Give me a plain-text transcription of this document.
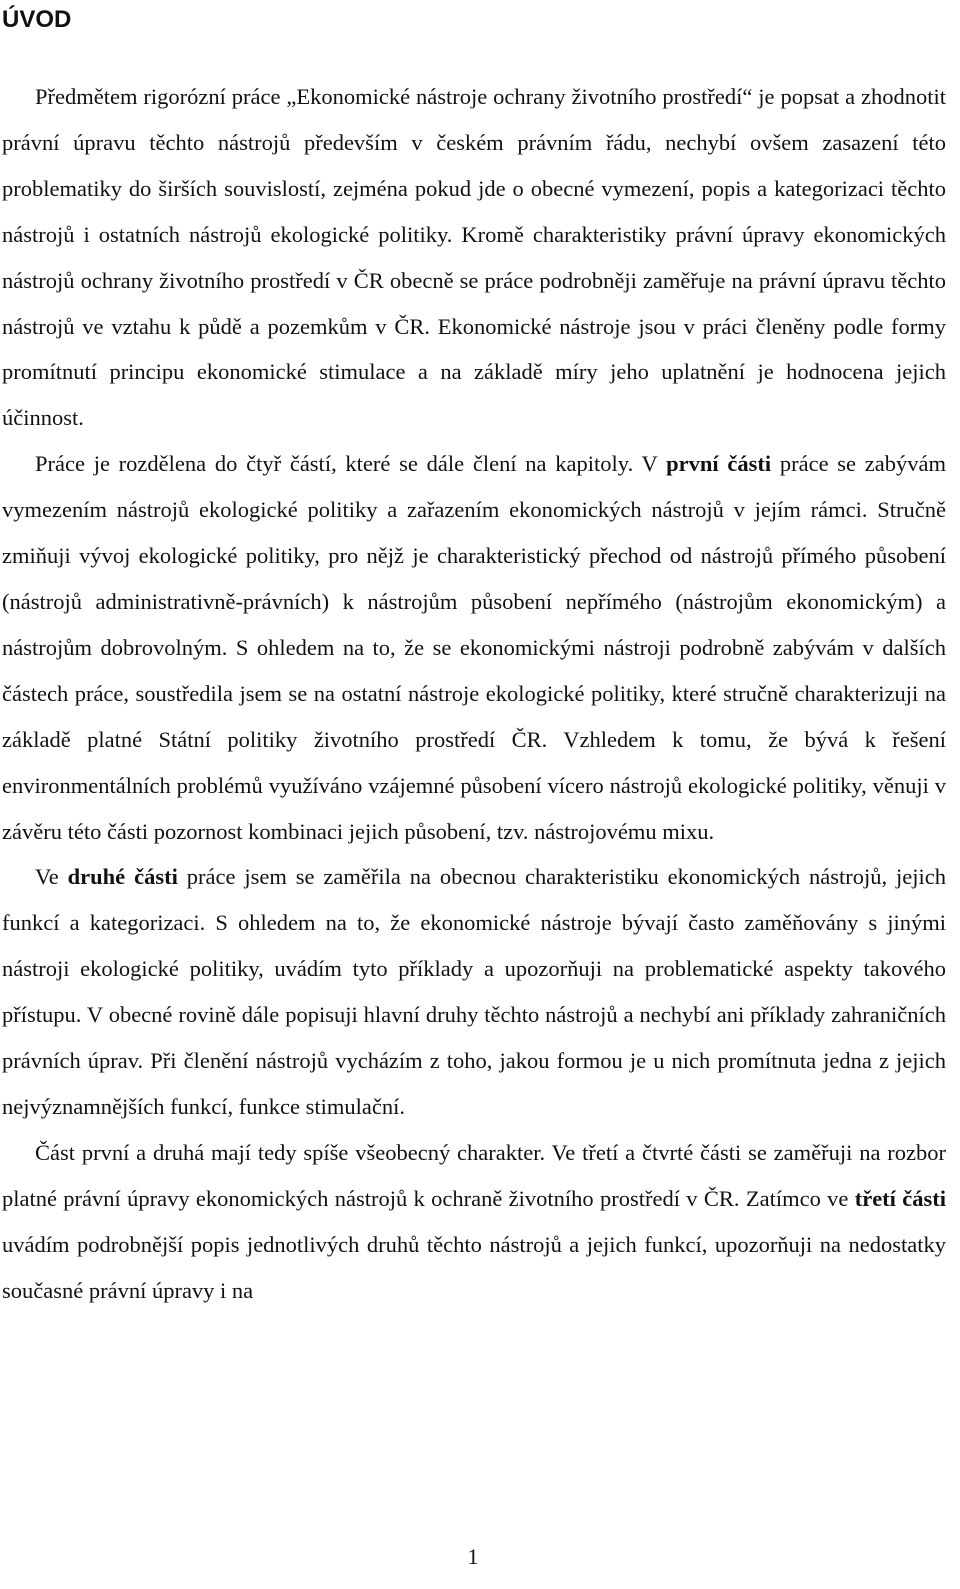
ÚVOD

Předmětem rigorózní práce „Ekonomické nástroje ochrany životního prostředí“ je popsat a zhodnotit právní úpravu těchto nástrojů především v českém právním řádu, nechybí ovšem zasazení této problematiky do širších souvislostí, zejména pokud jde o obecné vymezení, popis a kategorizaci těchto nástrojů i ostatních nástrojů ekologické politiky. Kromě charakteristiky právní úpravy ekonomických nástrojů ochrany životního prostředí v ČR obecně se práce podrobněji zaměřuje na právní úpravu těchto nástrojů ve vztahu k půdě a pozemkům v ČR. Ekonomické nástroje jsou v práci členěny podle formy promítnutí principu ekonomické stimulace a na základě míry jeho uplatnění je hodnocena jejich účinnost.

Práce je rozdělena do čtyř částí, které se dále člení na kapitoly. V první části práce se zabývám vymezením nástrojů ekologické politiky a zařazením ekonomických nástrojů v jejím rámci. Stručně zmiňuji vývoj ekologické politiky, pro nějž je charakteristický přechod od nástrojů přímého působení (nástrojů administrativně-právních) k nástrojům působení nepřímého (nástrojům ekonomickým) a nástrojům dobrovolným. S ohledem na to, že se ekonomickými nástroji podrobně zabývám v dalších částech práce, soustředila jsem se na ostatní nástroje ekologické politiky, které stručně charakterizuji na základě platné Státní politiky životního prostředí ČR. Vzhledem k tomu, že bývá k řešení environmentálních problémů využíváno vzájemné působení vícero nástrojů ekologické politiky, věnuji v závěru této části pozornost kombinaci jejich působení, tzv. nástrojovému mixu.

Ve druhé části práce jsem se zaměřila na obecnou charakteristiku ekonomických nástrojů, jejich funkcí a kategorizaci. S ohledem na to, že ekonomické nástroje bývají často zaměňovány s jinými nástroji ekologické politiky, uvádím tyto příklady a upozorňuji na problematické aspekty takového přístupu. V obecné rovině dále popisuji hlavní druhy těchto nástrojů a nechybí ani příklady zahraničních právních úprav. Při členění nástrojů vycházím z toho, jakou formou je u nich promítnuta jedna z jejich nejvýznamnějších funkcí, funkce stimulační.

Část první a druhá mají tedy spíše všeobecný charakter. Ve třetí a čtvrté části se zaměřuji na rozbor platné právní úpravy ekonomických nástrojů k ochraně životního prostředí v ČR. Zatímco ve třetí části uvádím podrobnější popis jednotlivých druhů těchto nástrojů a jejich funkcí, upozorňuji na nedostatky současné právní úpravy i na

1
